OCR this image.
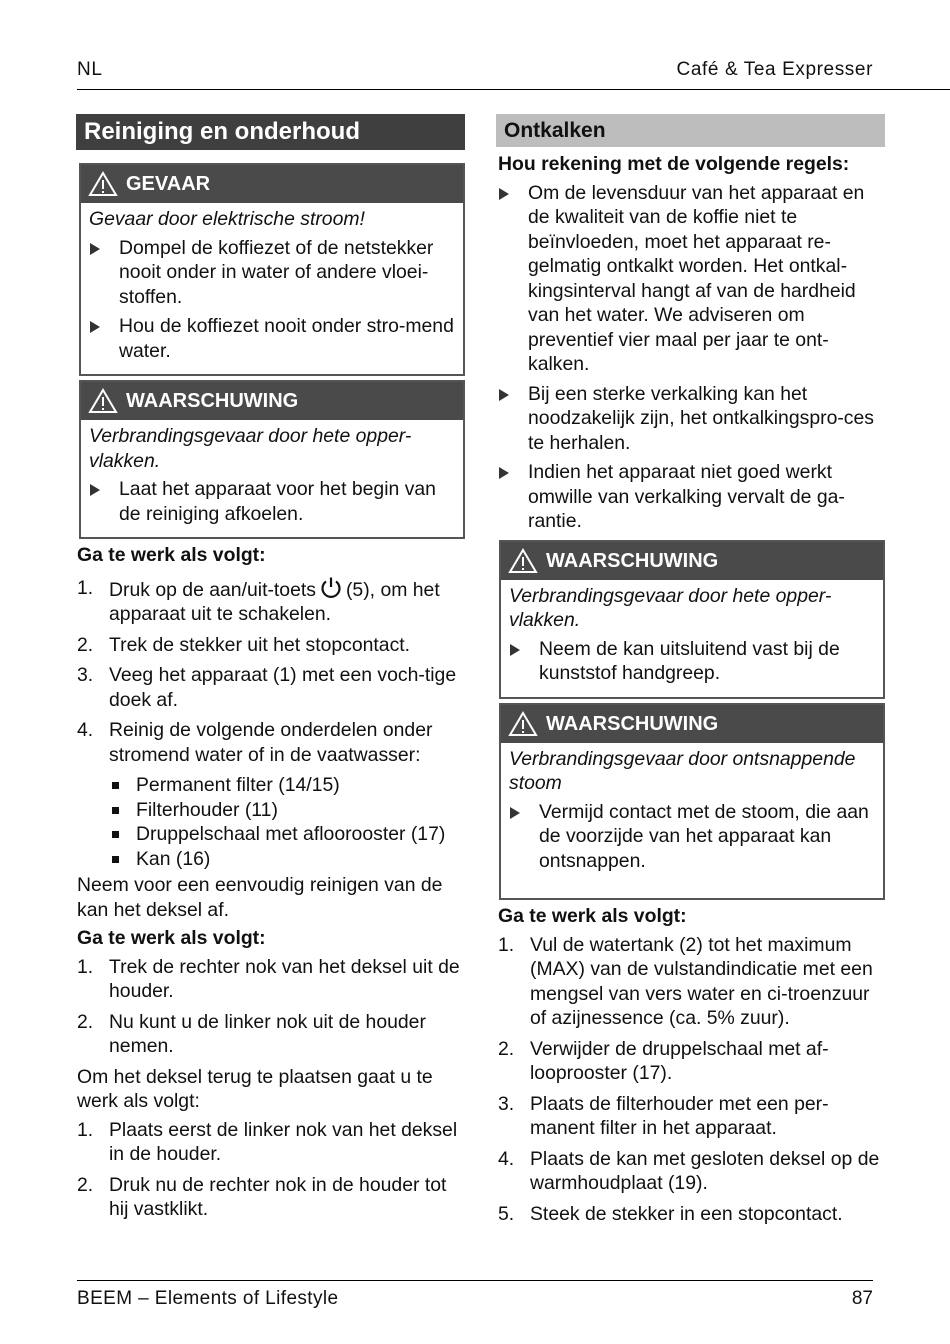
NL	Café & Tea Expresser
Reiniging en onderhoud
GEVAAR
Gevaar door elektrische stroom!
Dompel de koffiezet of de netstekker nooit onder in water of andere vloei-stoffen.
Hou de koffiezet nooit onder stro-mend water.
WAARSCHUWING
Verbrandingsgevaar door hete opper-vlakken.
Laat het apparaat voor het begin van de reiniging afkoelen.
Ga te werk als volgt:
1. Druk op de aan/uit-toets (5), om het apparaat uit te schakelen.
2. Trek de stekker uit het stopcontact.
3. Veeg het apparaat (1) met een voch-tige doek af.
4. Reinig de volgende onderdelen onder stromend water of in de vaatwasser:
Permanent filter (14/15)
Filterhouder (11)
Druppelschaal met afloorooster (17)
Kan (16)
Neem voor een eenvoudig reinigen van de kan het deksel af.
Ga te werk als volgt:
1. Trek de rechter nok van het deksel uit de houder.
2. Nu kunt u de linker nok uit de houder nemen.
Om het deksel terug te plaatsen gaat u te werk als volgt:
1. Plaats eerst de linker nok van het deksel in de houder.
2. Druk nu de rechter nok in de houder tot hij vastklikt.
Ontkalken
Hou rekening met de volgende regels:
Om de levensduur van het apparaat en de kwaliteit van de koffie niet te beïnvloeden, moet het apparaat re-gelmatig ontkalkt worden. Het ontkal-kingsinterval hangt af van de hardheid van het water. We adviseren om preventief vier maal per jaar te ont-kalken.
Bij een sterke verkalking kan het noodzakelijk zijn, het ontkalkingspro-ces te herhalen.
Indien het apparaat niet goed werkt omwille van verkalking vervalt de ga-rantie.
WAARSCHUWING
Verbrandingsgevaar door hete opper-vlakken.
Neem de kan uitsluitend vast bij de kunststof handgreep.
WAARSCHUWING
Verbrandingsgevaar door ontsnappende stoom
Vermijd contact met de stoom, die aan de voorzijde van het apparaat kan ontsnappen.
Ga te werk als volgt:
1. Vul de watertank (2) tot het maximum (MAX) van de vulstandindicatie met een mengsel van vers water en ci-troenzuur of azijnessence (ca. 5% zuur).
2. Verwijder de druppelschaal met af-looprooster (17).
3. Plaats de filterhouder met een per-manent filter in het apparaat.
4. Plaats de kan met gesloten deksel op de warmhoudplaat (19).
5. Steek de stekker in een stopcontact.
BEEM – Elements of Lifestyle	87
